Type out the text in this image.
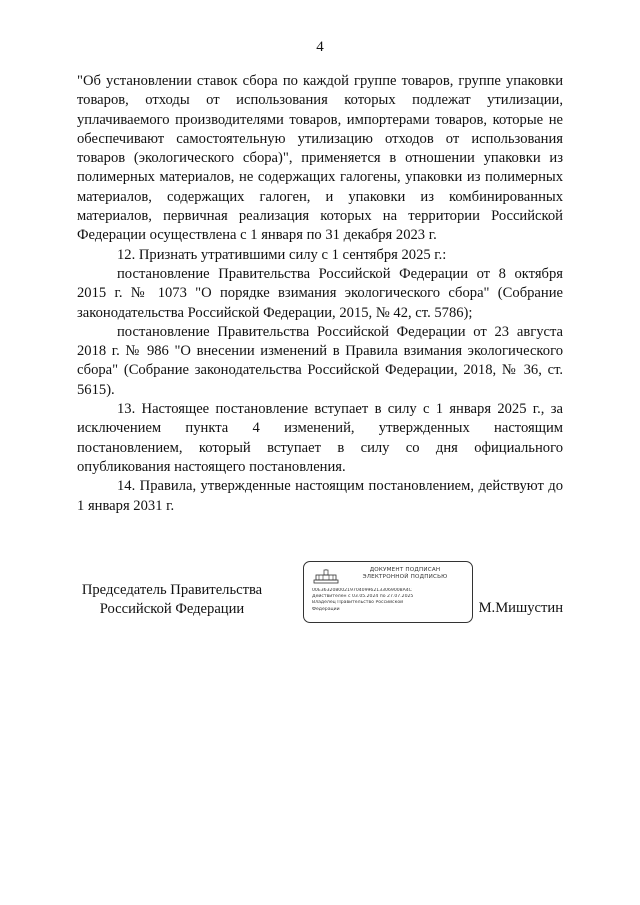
4

"Об установлении ставок сбора по каждой группе товаров, группе упаковки товаров, отходы от использования которых подлежат утилизации, уплачиваемого производителями товаров, импортерами товаров, которые не обеспечивают самостоятельную утилизацию отходов от использования товаров (экологического сбора)", применяется в отношении упаковки из полимерных материалов, не содержащих галогены, упаковки из полимерных материалов, содержащих галоген, и упаковки из комбинированных материалов, первичная реализация которых на территории Российской Федерации осуществлена с 1 января по 31 декабря 2023 г.

12. Признать утратившими силу с 1 сентября 2025 г.:

постановление Правительства Российской Федерации от 8 октября 2015 г. № 1073 "О порядке взимания экологического сбора" (Собрание законодательства Российской Федерации, 2015, № 42, ст. 5786);

постановление Правительства Российской Федерации от 23 августа 2018 г. № 986 "О внесении изменений в Правила взимания экологического сбора" (Собрание законодательства Российской Федерации, 2018, № 36, ст. 5615).

13. Настоящее постановление вступает в силу с 1 января 2025 г., за исключением пункта 4 изменений, утвержденных настоящим постановлением, который вступает в силу со дня официального опубликования настоящего постановления.

14. Правила, утвержденные настоящим постановлением, действуют до 1 января 2031 г.

Председатель Правительства
Российской Федерации
ДОКУМЕНТ ПОДПИСАН
ЭЛЕКТРОННОЙ ПОДПИСЬЮ
00E3632080021970409962133069008A4C
Действителен с 03.05.2024 по 27.07.2025
Владелец Правительство Российской
Федерации	М.Мишустин
